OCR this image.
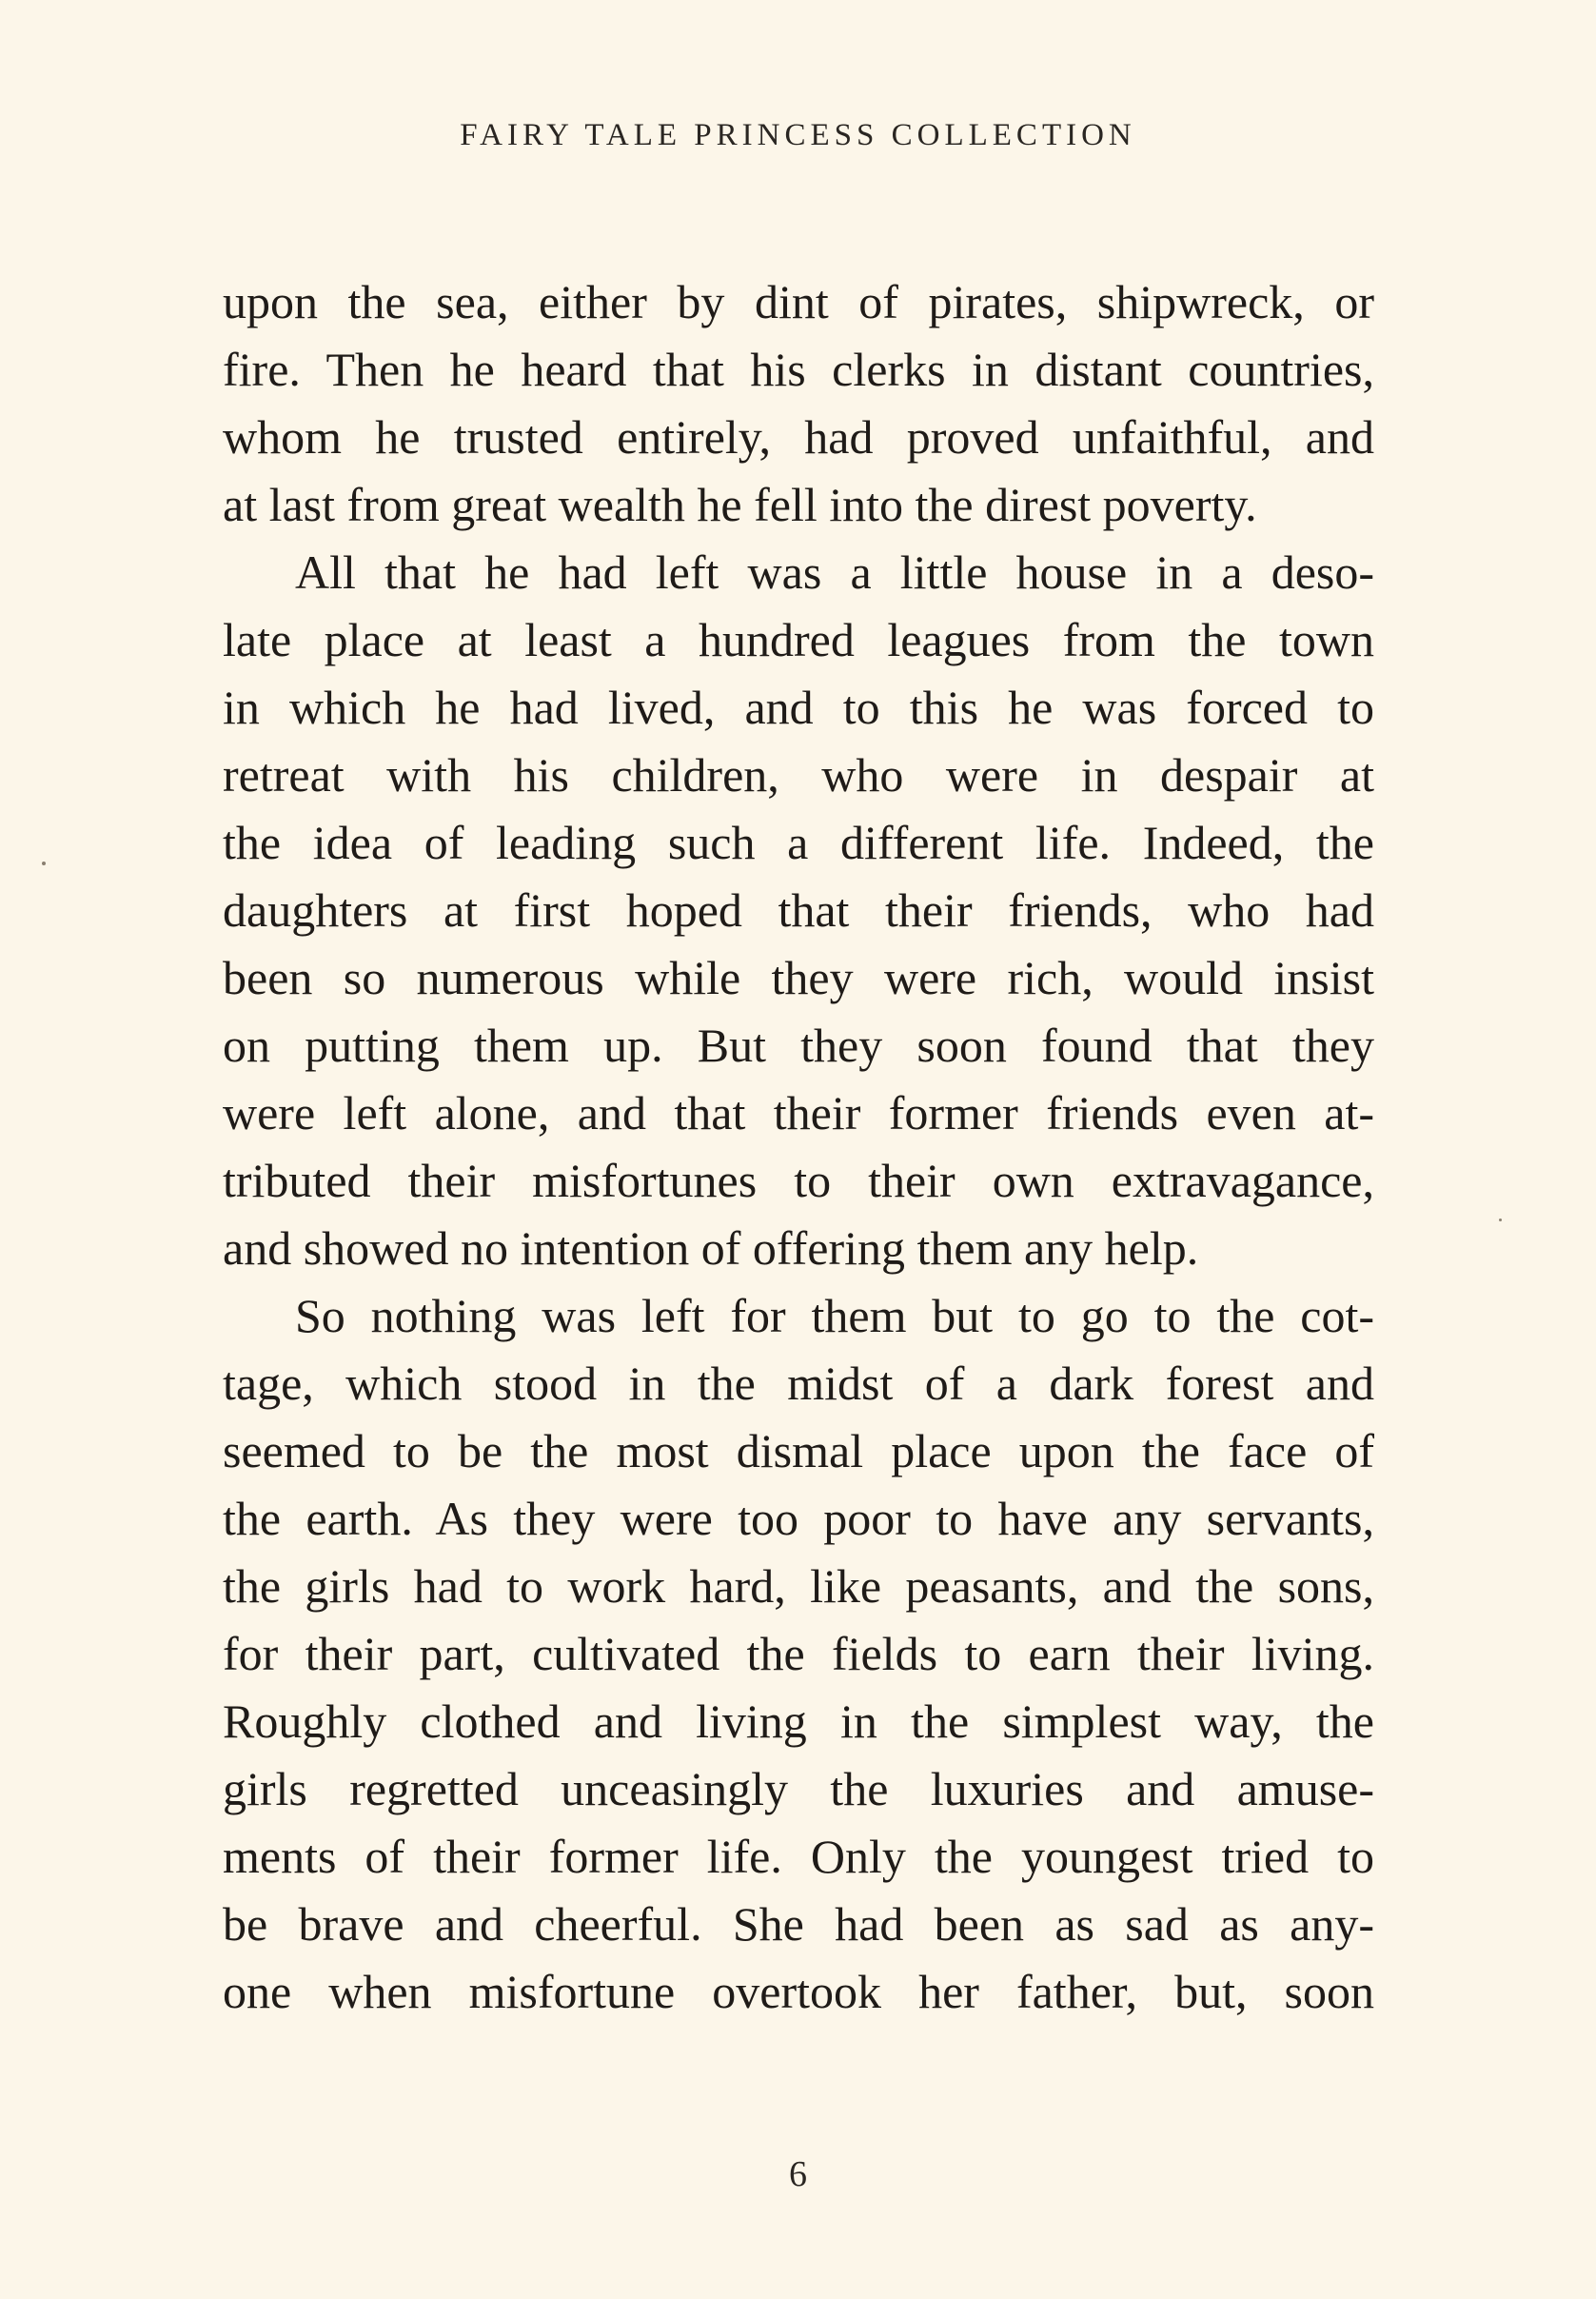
FAIRY TALE PRINCESS COLLECTION
upon the sea, either by dint of pirates, shipwreck, or
fire. Then he heard that his clerks in distant countries,
whom he trusted entirely, had proved unfaithful, and
at last from great wealth he fell into the direst poverty.
All that he had left was a little house in a deso-
late place at least a hundred leagues from the town
in which he had lived, and to this he was forced to
retreat with his children, who were in despair at
the idea of leading such a different life. Indeed, the
daughters at first hoped that their friends, who had
been so numerous while they were rich, would insist
on putting them up. But they soon found that they
were left alone, and that their former friends even at-
tributed their misfortunes to their own extravagance,
and showed no intention of offering them any help.
So nothing was left for them but to go to the cot-
tage, which stood in the midst of a dark forest and
seemed to be the most dismal place upon the face of
the earth. As they were too poor to have any servants,
the girls had to work hard, like peasants, and the sons,
for their part, cultivated the fields to earn their living.
Roughly clothed and living in the simplest way, the
girls regretted unceasingly the luxuries and amuse-
ments of their former life. Only the youngest tried to
be brave and cheerful. She had been as sad as any-
one when misfortune overtook her father, but, soon
6
